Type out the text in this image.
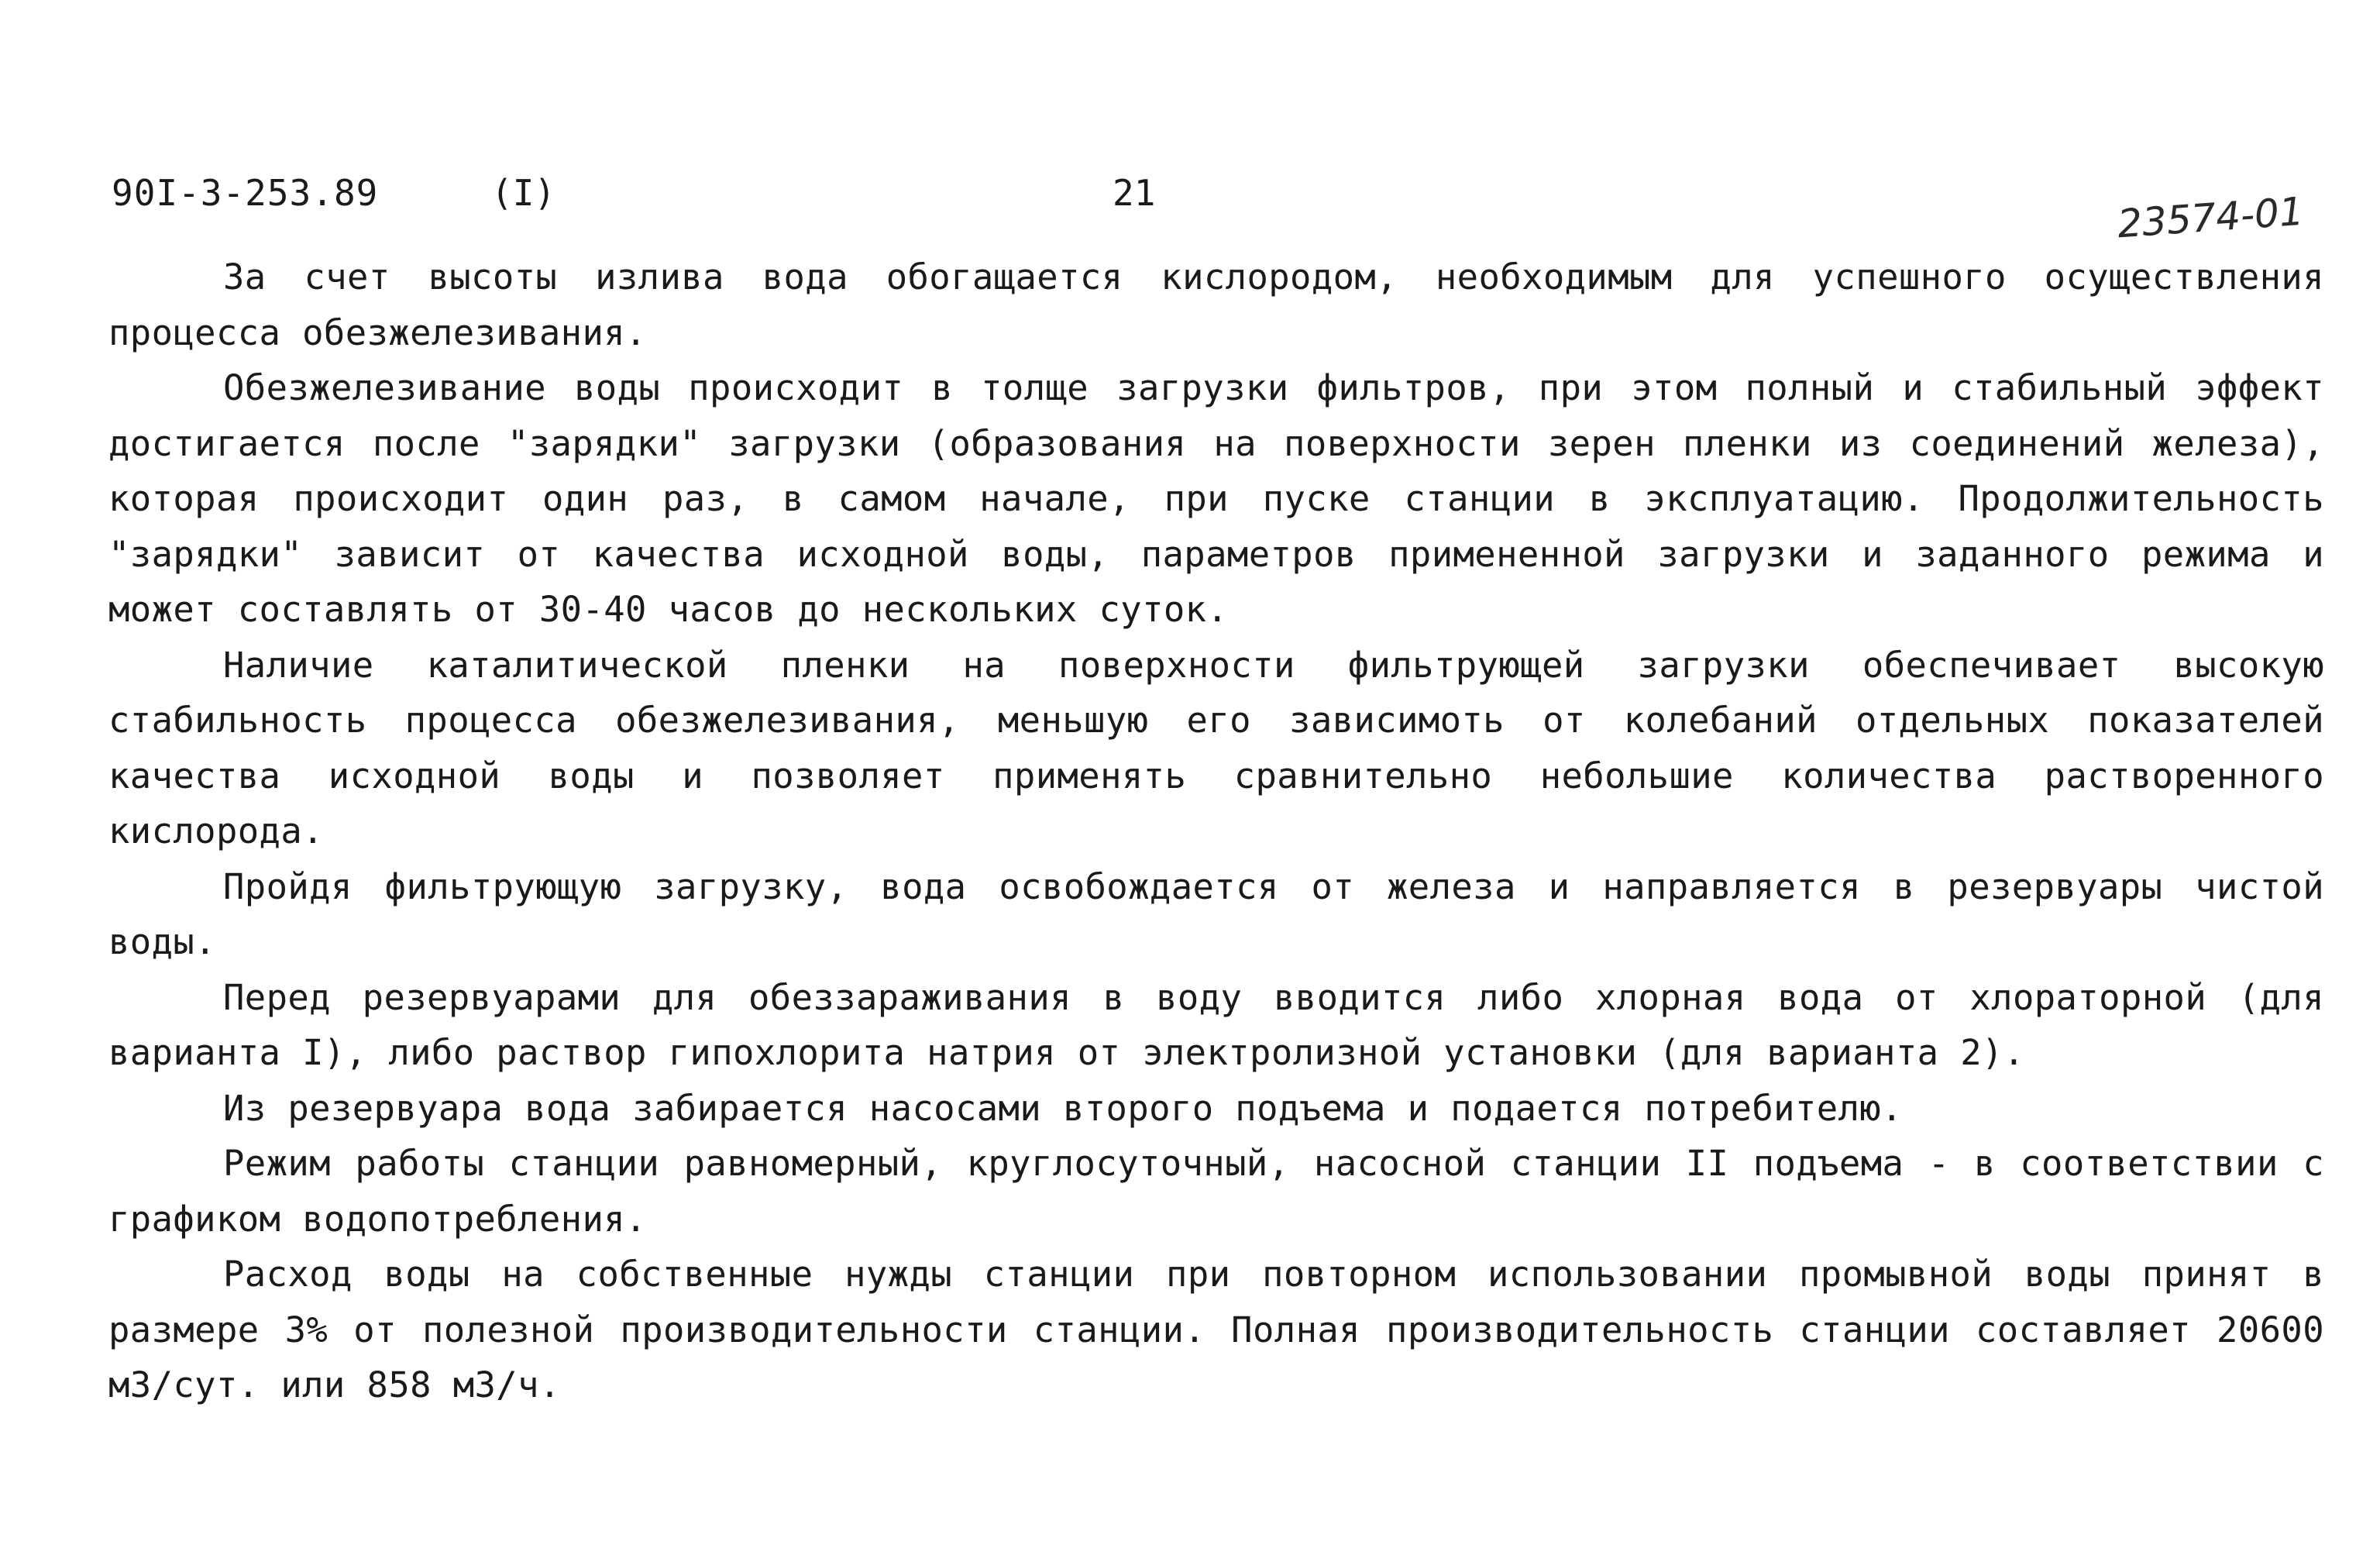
90I-3-253.89	(I)	21	23574-01

За счет высоты излива вода обогащается кислородом, необходимым для успешного осуществления процесса обезжелезивания.

Обезжелезивание воды происходит в толще загрузки фильтров, при этом полный и стабильный эффект достигается после "зарядки" загрузки (образования на поверхности зерен пленки из соединений железа), которая происходит один раз, в самом начале, при пуске станции в эксплуатацию. Продолжительность "зарядки" зависит от качества исходной воды, параметров примененной загрузки и заданного режима и может составлять от 30-40 часов до нескольких суток.

Наличие каталитической пленки на поверхности фильтрующей загрузки обеспечивает высокую стабильность процесса обезжелезивания, меньшую его зависимоть от колебаний отдельных показателей качества исходной воды и позволяет применять сравнительно небольшие количества растворенного кислорода.

Пройдя фильтрующую загрузку, вода освобождается от железа и направляется в резервуары чистой воды.

Перед резервуарами для обеззараживания в воду вводится либо хлорная вода от хлораторной (для варианта I), либо раствор гипохлорита натрия от электролизной установки (для варианта 2).

Из резервуара вода забирается насосами второго подъема и подается потребителю.

Режим работы станции равномерный, круглосуточный, насосной станции II подъема - в соответствии с графиком водопотребления.

Расход воды на собственные нужды станции при повторном использовании промывной воды принят в размере 3% от полезной производительности станции. Полная производительность станции составляет 20600 м3/сут. или 858 м3/ч.
